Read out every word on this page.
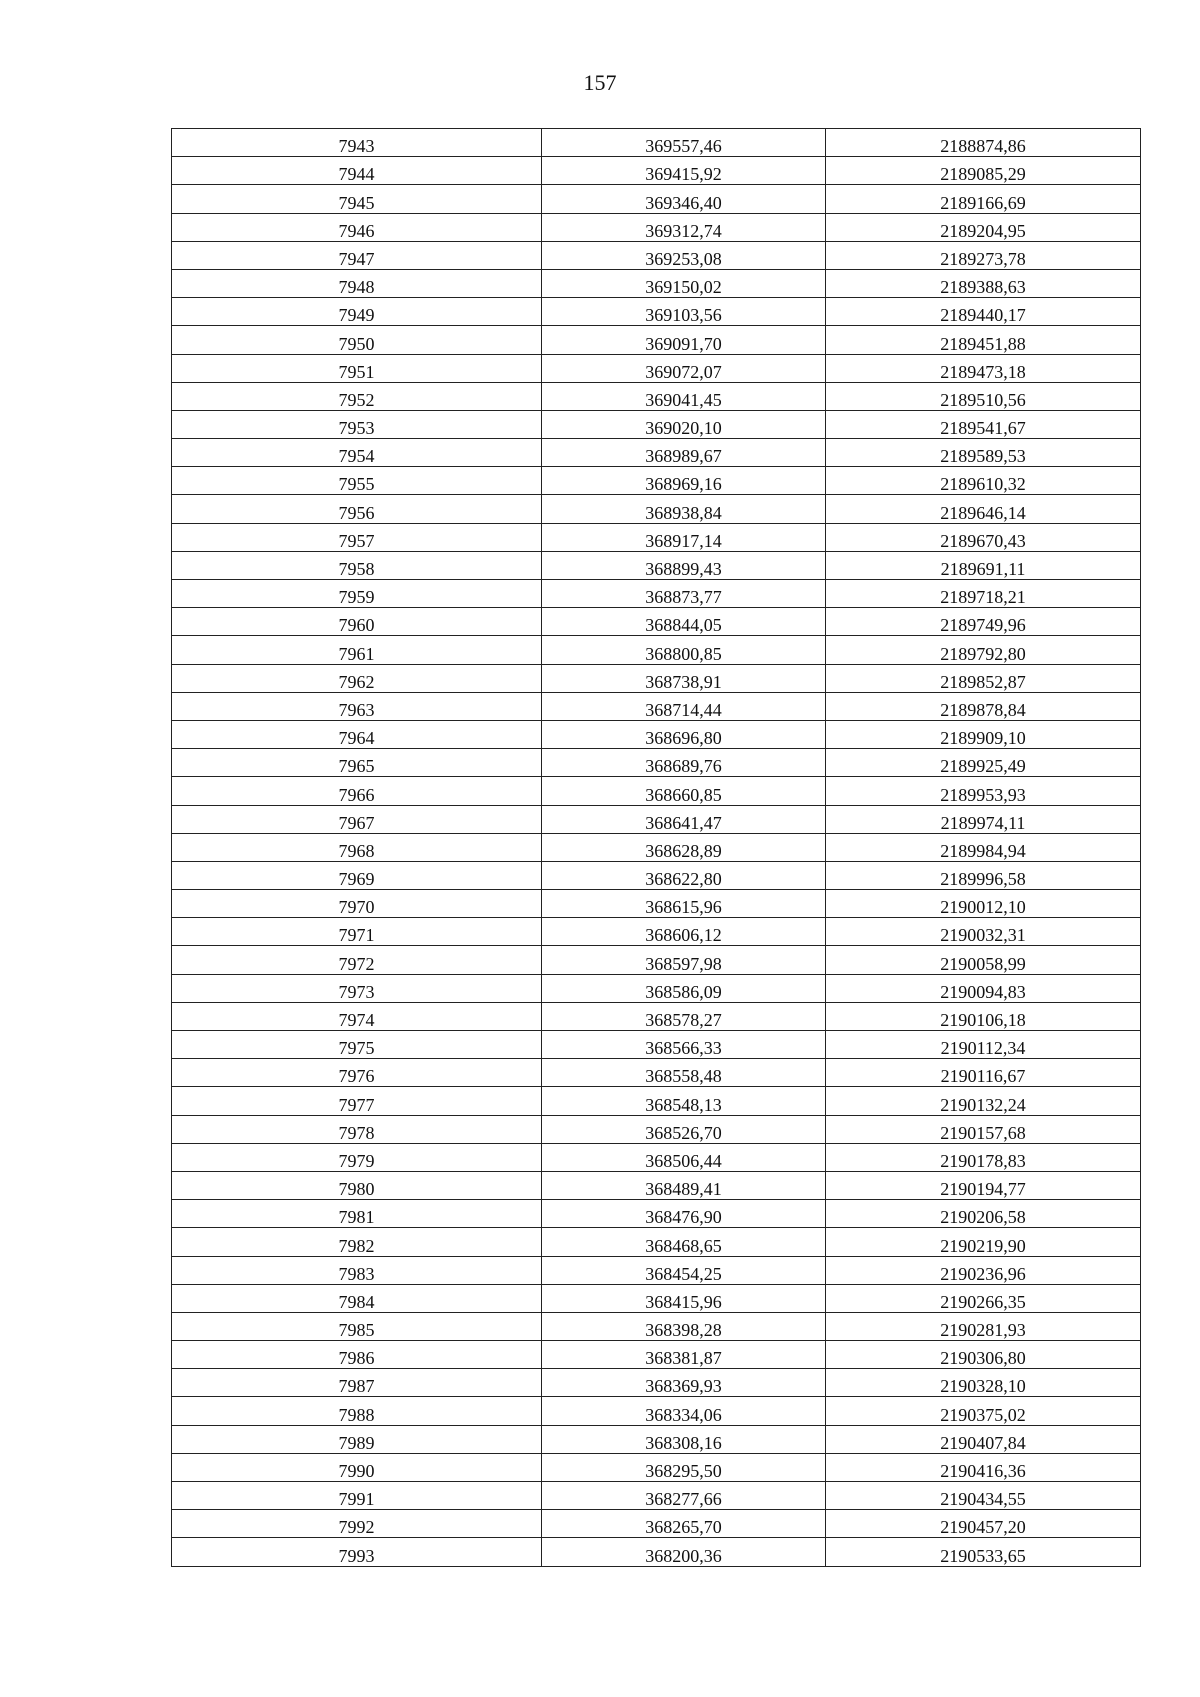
157
7943	369557,46	2188874,86
7944	369415,92	2189085,29
7945	369346,40	2189166,69
7946	369312,74	2189204,95
7947	369253,08	2189273,78
7948	369150,02	2189388,63
7949	369103,56	2189440,17
7950	369091,70	2189451,88
7951	369072,07	2189473,18
7952	369041,45	2189510,56
7953	369020,10	2189541,67
7954	368989,67	2189589,53
7955	368969,16	2189610,32
7956	368938,84	2189646,14
7957	368917,14	2189670,43
7958	368899,43	2189691,11
7959	368873,77	2189718,21
7960	368844,05	2189749,96
7961	368800,85	2189792,80
7962	368738,91	2189852,87
7963	368714,44	2189878,84
7964	368696,80	2189909,10
7965	368689,76	2189925,49
7966	368660,85	2189953,93
7967	368641,47	2189974,11
7968	368628,89	2189984,94
7969	368622,80	2189996,58
7970	368615,96	2190012,10
7971	368606,12	2190032,31
7972	368597,98	2190058,99
7973	368586,09	2190094,83
7974	368578,27	2190106,18
7975	368566,33	2190112,34
7976	368558,48	2190116,67
7977	368548,13	2190132,24
7978	368526,70	2190157,68
7979	368506,44	2190178,83
7980	368489,41	2190194,77
7981	368476,90	2190206,58
7982	368468,65	2190219,90
7983	368454,25	2190236,96
7984	368415,96	2190266,35
7985	368398,28	2190281,93
7986	368381,87	2190306,80
7987	368369,93	2190328,10
7988	368334,06	2190375,02
7989	368308,16	2190407,84
7990	368295,50	2190416,36
7991	368277,66	2190434,55
7992	368265,70	2190457,20
7993	368200,36	2190533,65
